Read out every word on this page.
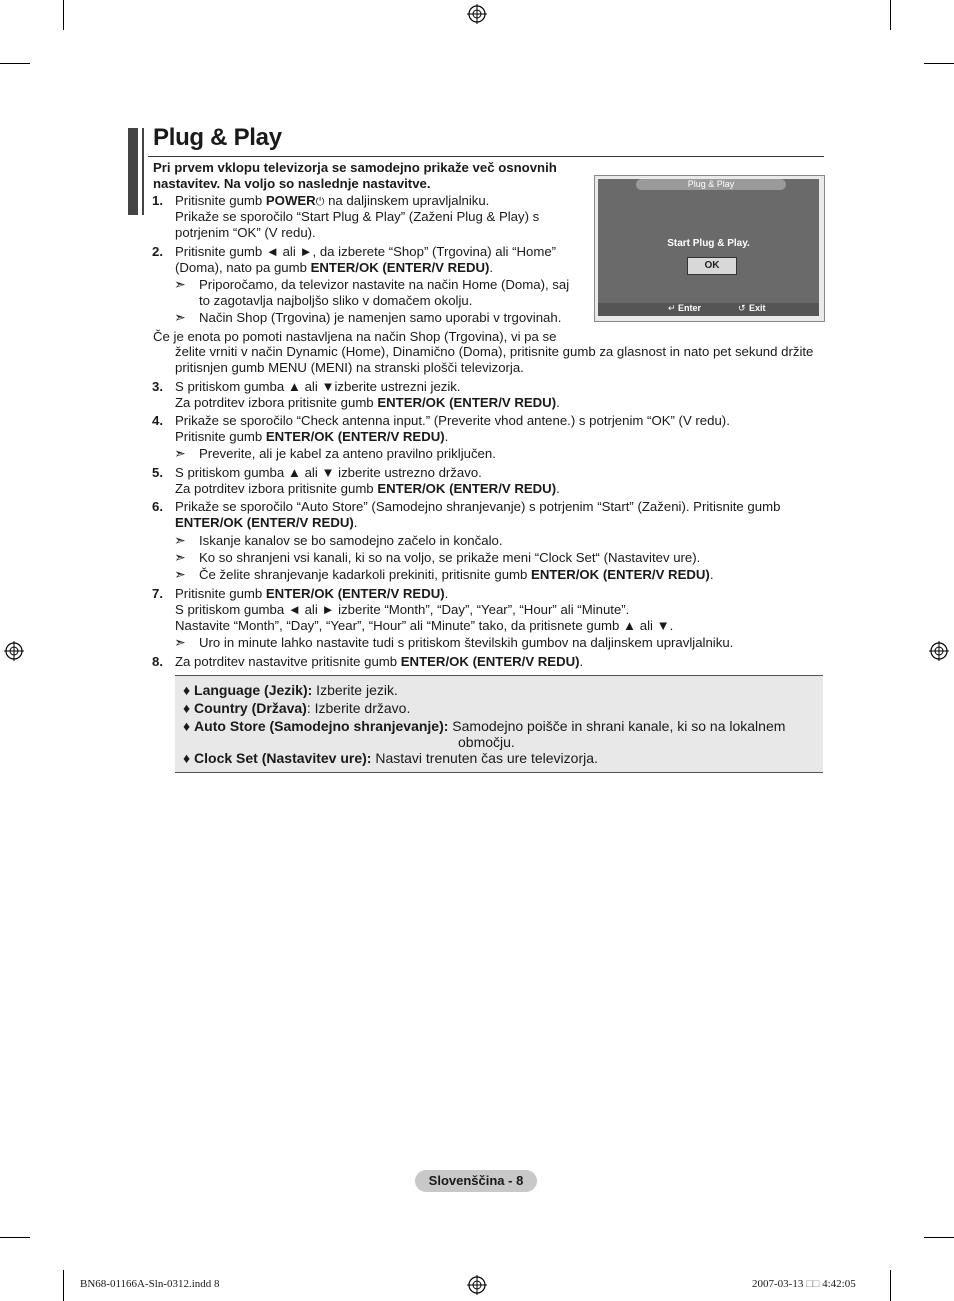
Plug & Play
Pri prvem vklopu televizorja se samodejno prikaže več osnovnih
nastavitev. Na voljo so naslednje nastavitve.
1. Pritisnite gumb POWER⏻ na daljinskem upravljalniku.
Prikaže se sporočilo “Start Plug & Play” (Zaženi Plug & Play) s
potrjenim “OK” (V redu).
2. Pritisnite gumb ◄ ali ►, da izberete “Shop” (Trgovina) ali “Home”
(Doma), nato pa gumb ENTER/OK (ENTER/V REDU).
➣ Priporočamo, da televizor nastavite na način Home (Doma), saj
to zagotavlja najboljšo sliko v domačem okolju.
➣ Način Shop (Trgovina) je namenjen samo uporabi v trgovinah.
Če je enota po pomoti nastavljena na način Shop (Trgovina), vi pa se
želite vrniti v način Dynamic (Home), Dinamično (Doma), pritisnite gumb za glasnost in nato pet sekund držite
pritisnjen gumb MENU (MENI) na stranski plošči televizorja.
Plug & Play
Start Plug & Play.
OK
↵ Enter	↺ Exit
3. S pritiskom gumba ▲ ali ▼izberite ustrezni jezik.
Za potrditev izbora pritisnite gumb ENTER/OK (ENTER/V REDU).
4. Prikaže se sporočilo “Check antenna input.” (Preverite vhod antene.) s potrjenim “OK” (V redu).
Pritisnite gumb ENTER/OK (ENTER/V REDU).
➣ Preverite, ali je kabel za anteno pravilno priključen.
5. S pritiskom gumba ▲ ali ▼ izberite ustrezno državo.
Za potrditev izbora pritisnite gumb ENTER/OK (ENTER/V REDU).
6. Prikaže se sporočilo “Auto Store” (Samodejno shranjevanje) s potrjenim “Start” (Zaženi). Pritisnite gumb
ENTER/OK (ENTER/V REDU).
➣ Iskanje kanalov se bo samodejno začelo in končalo.
➣ Ko so shranjeni vsi kanali, ki so na voljo, se prikaže meni “Clock Set“ (Nastavitev ure).
➣ Če želite shranjevanje kadarkoli prekiniti, pritisnite gumb ENTER/OK (ENTER/V REDU).
7. Pritisnite gumb ENTER/OK (ENTER/V REDU).
S pritiskom gumba ◄ ali ► izberite “Month”, “Day”, “Year”, “Hour” ali “Minute”.
Nastavite “Month”, “Day”, “Year”, “Hour” ali “Minute” tako, da pritisnete gumb ▲ ali ▼.
➣ Uro in minute lahko nastavite tudi s pritiskom številskih gumbov na daljinskem upravljalniku.
8. Za potrditev nastavitve pritisnite gumb ENTER/OK (ENTER/V REDU).
♦ Language (Jezik): Izberite jezik.
♦ Country (Država): Izberite državo.
♦ Auto Store (Samodejno shranjevanje): Samodejno poišče in shrani kanale, ki so na lokalnem
območju.
♦ Clock Set (Nastavitev ure): Nastavi trenuten čas ure televizorja.
Slovenščina - 8
BN68-01166A-Sln-0312.indd 8	2007-03-13 □□ 4:42:05
